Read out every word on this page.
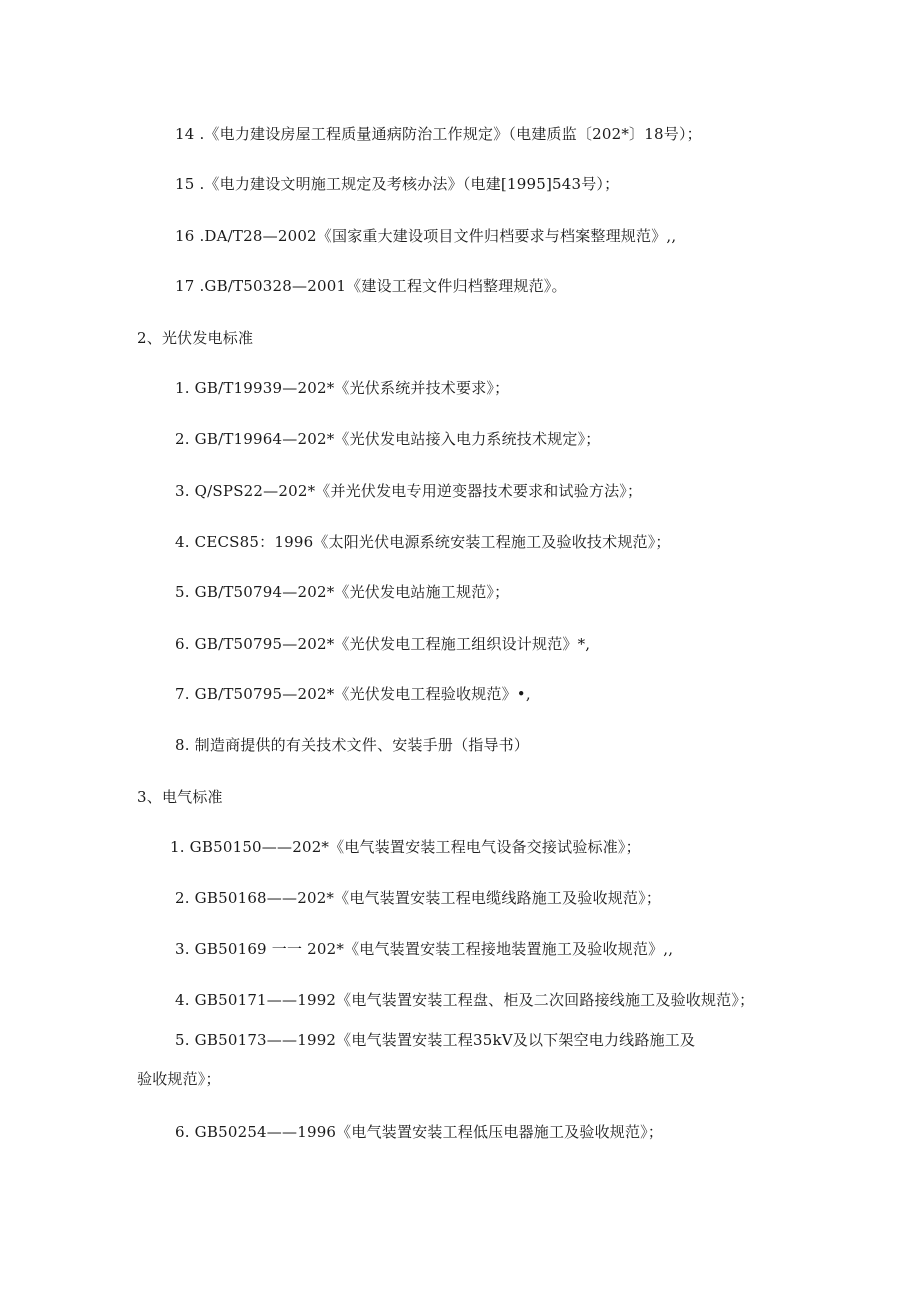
14 .《电力建设房屋工程质量通病防治工作规定》（电建质监〔202*〕18号）；
15 .《电力建设文明施工规定及考核办法》（电建[1995]543号）；
16 .DA/T28—2002《国家重大建设项目文件归档要求与档案整理规范》,,
17 .GB/T50328—2001《建设工程文件归档整理规范》。
2、光伏发电标准
1. GB/T19939—202*《光伏系统并技术要求》；
2. GB/T19964—202*《光伏发电站接入电力系统技术规定》；
3. Q/SPS22—202*《并光伏发电专用逆变器技术要求和试验方法》；
4. CECS85：1996《太阳光伏电源系统安装工程施工及验收技术规范》；
5. GB/T50794—202*《光伏发电站施工规范》；
6. GB/T50795—202*《光伏发电工程施工组织设计规范》*,
7. GB/T50795—202*《光伏发电工程验收规范》•,
8. 制造商提供的有关技术文件、安装手册（指导书）
3、电气标准
1. GB50150——202*《电气装置安装工程电气设备交接试验标准》；
2. GB50168——202*《电气装置安装工程电缆线路施工及验收规范》；
3. GB50169 一一 202*《电气装置安装工程接地装置施工及验收规范》,,
4. GB50171——1992《电气装置安装工程盘、柜及二次回路接线施工及验收规范》；
5. GB50173——1992《电气装置安装工程35kV及以下架空电力线路施工及
验收规范》；
6. GB50254——1996《电气装置安装工程低压电器施工及验收规范》；
